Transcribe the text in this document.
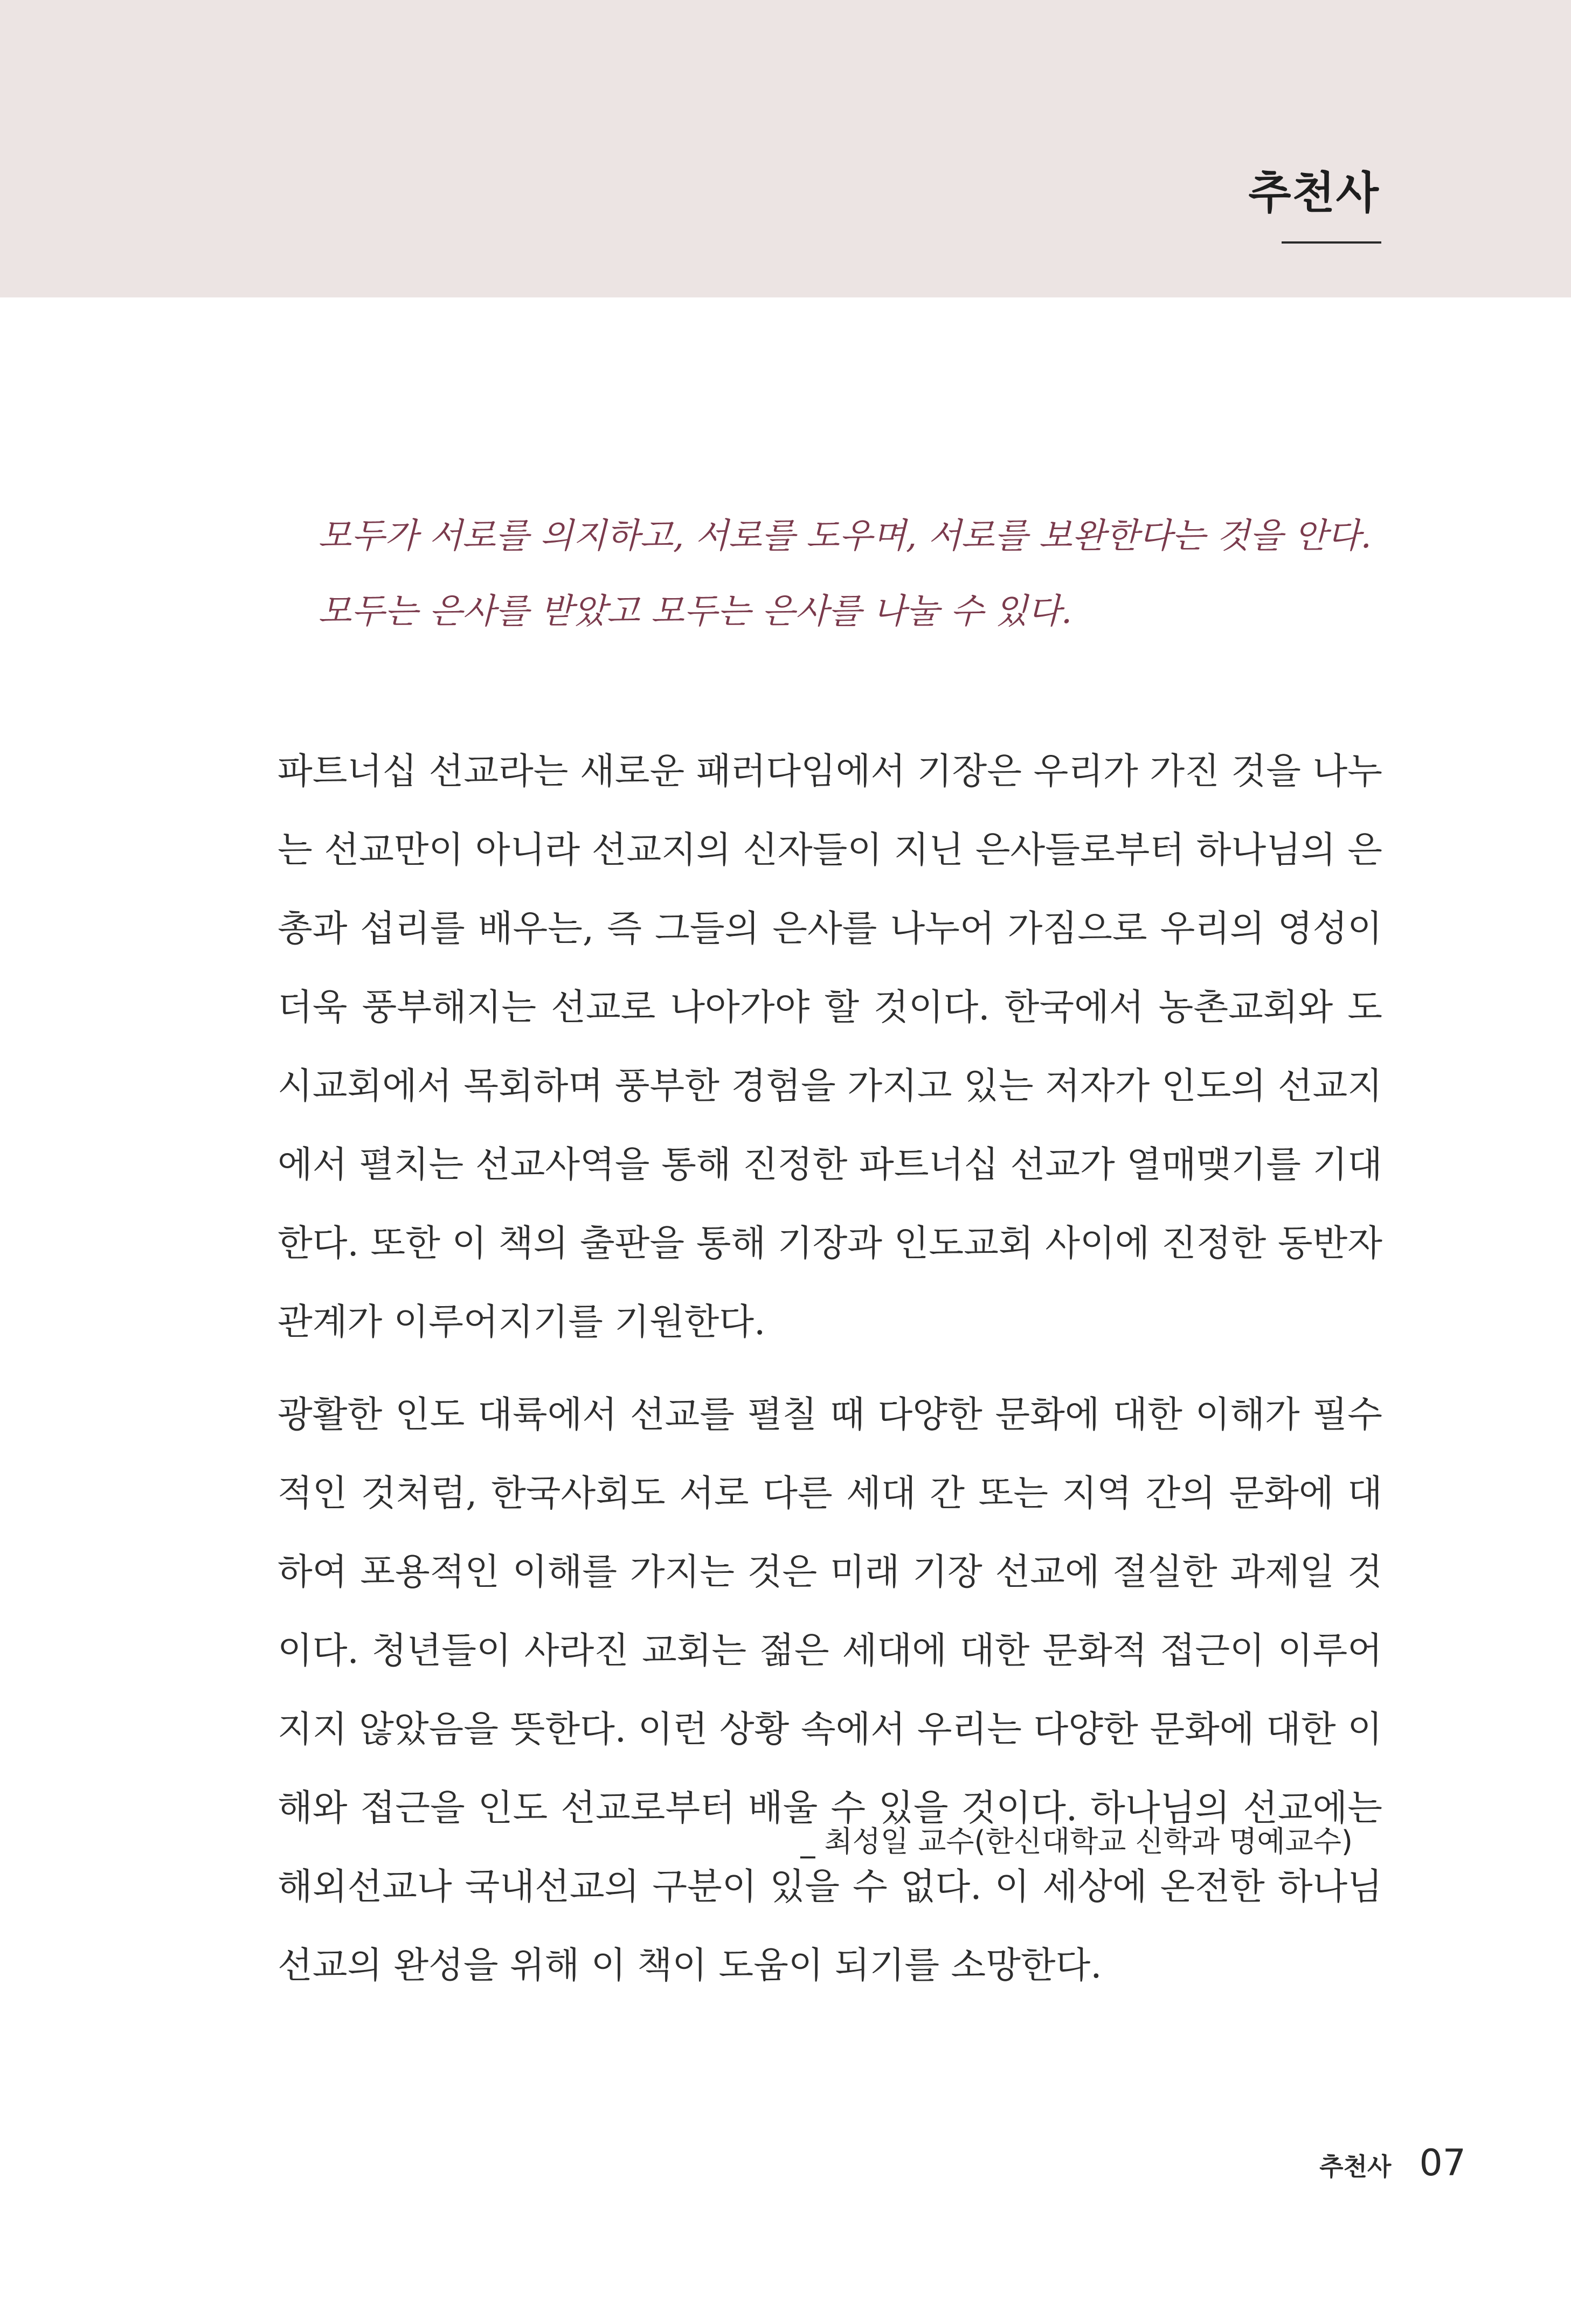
추천사

모두가 서로를 의지하고, 서로를 도우며, 서로를 보완한다는 것을 안다. 모두는 은사를 받았고 모두는 은사를 나눌 수 있다.

파트너십 선교라는 새로운 패러다임에서 기장은 우리가 가진 것을 나누는 선교만이 아니라 선교지의 신자들이 지닌 은사들로부터 하나님의 은총과 섭리를 배우는, 즉 그들의 은사를 나누어 가짐으로 우리의 영성이 더욱 풍부해지는 선교로 나아가야 할 것이다. 한국에서 농촌교회와 도시교회에서 목회하며 풍부한 경험을 가지고 있는 저자가 인도의 선교지에서 펼치는 선교사역을 통해 진정한 파트너십 선교가 열매맺기를 기대한다. 또한 이 책의 출판을 통해 기장과 인도교회 사이에 진정한 동반자 관계가 이루어지기를 기원한다.

광활한 인도 대륙에서 선교를 펼칠 때 다양한 문화에 대한 이해가 필수적인 것처럼, 한국사회도 서로 다른 세대 간 또는 지역 간의 문화에 대하여 포용적인 이해를 가지는 것은 미래 기장 선교에 절실한 과제일 것이다. 청년들이 사라진 교회는 젊은 세대에 대한 문화적 접근이 이루어지지 않았음을 뜻한다. 이런 상황 속에서 우리는 다양한 문화에 대한 이해와 접근을 인도 선교로부터 배울 수 있을 것이다. 하나님의 선교에는 해외선교나 국내선교의 구분이 있을 수 없다. 이 세상에 온전한 하나님 선교의 완성을 위해 이 책이 도움이 되기를 소망한다.

_ 최성일 교수(한신대학교 신학과 명예교수)
추천사 07
